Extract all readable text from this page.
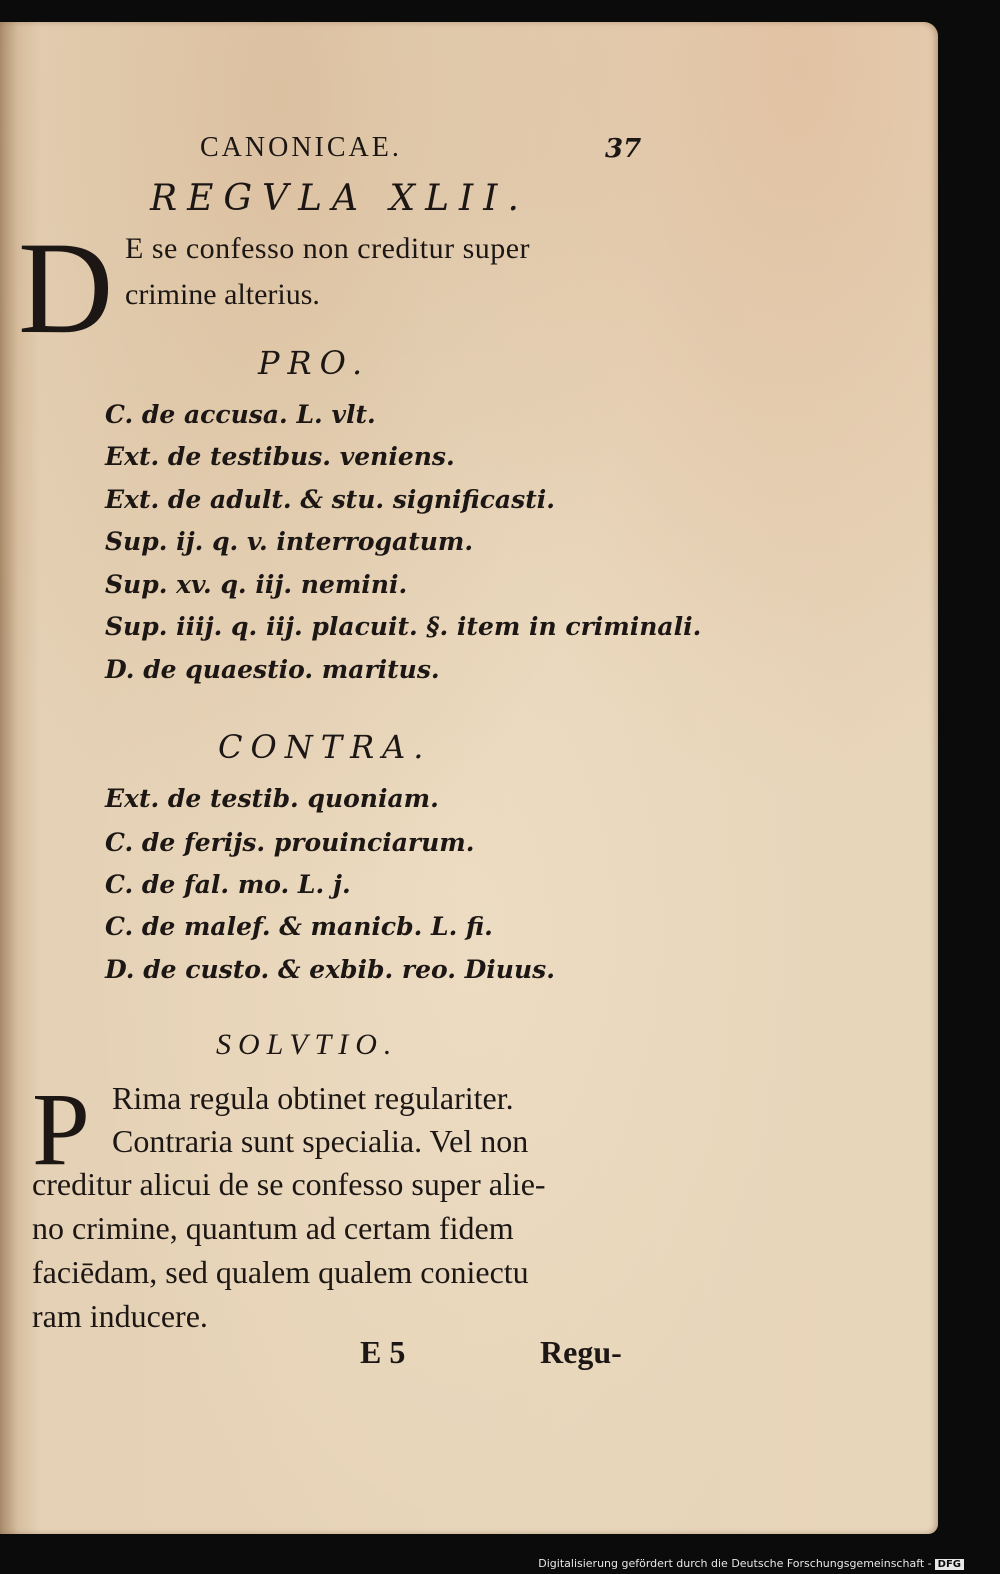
CANONICAE.	37
REGVLA XLII.
D E se confesso non creditur super
crimine alterius.
PRO.
C. de accusa. L. vlt.
Ext. de testibus. veniens.
Ext. de adult. & stu. significasti.
Sup. ij. q. v. interrogatum.
Sup. xv. q. iij. nemini.
Sup. iiij. q. iij. placuit. §. item in criminali.
D. de quaestio. maritus.
CONTRA.
Ext. de testib. quoniam.
C. de ferijs. prouinciarum.
C. de fal. mo. L. j.
C. de malef. & manicb. L. fi.
D. de custo. & exbib. reo. Diuus.
SOLVTIO.
P Rima regula obtinet regulariter.
Contraria sunt specialia. Vel non
creditur alicui de se confesso super alie-
no crimine, quantum ad certam fidem
faciēdam, sed qualem qualem coniectu
ram inducere.
E 5	Regu-
Digitalisierung gefördert durch die Deutsche Forschungsgemeinschaft - DFG
